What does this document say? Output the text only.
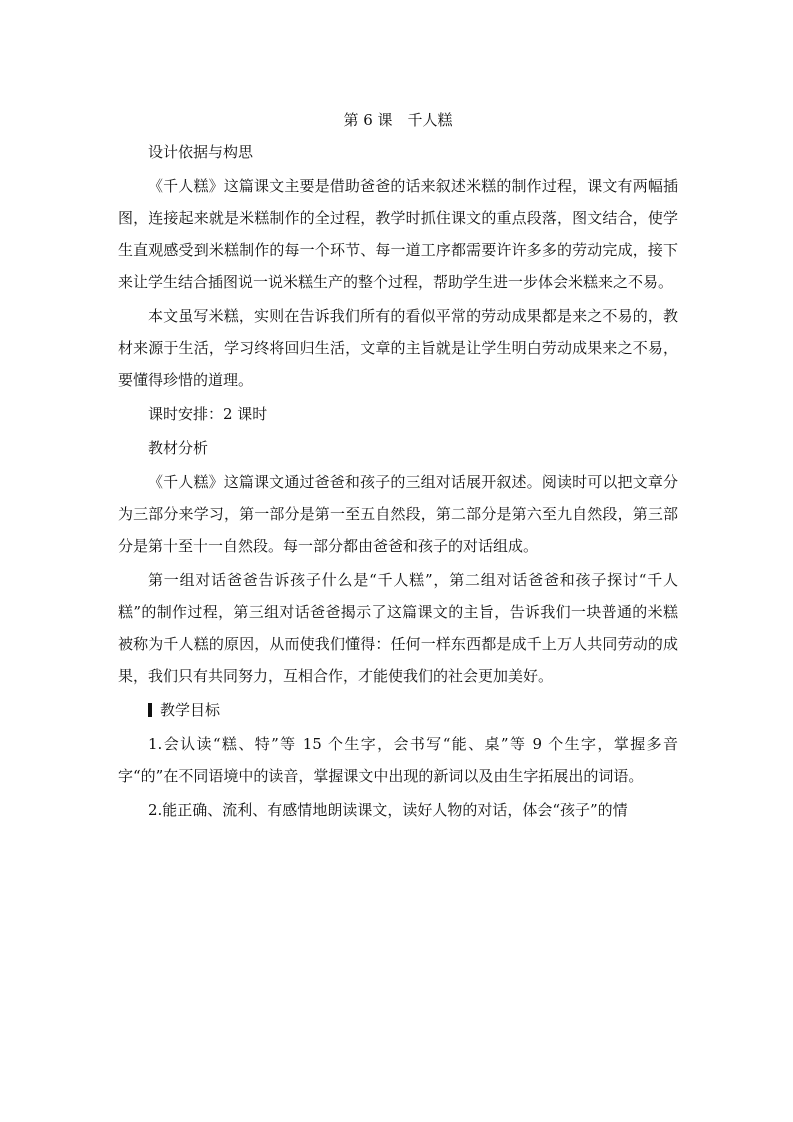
第 6 课　千人糕

设计依据与构思

《千人糕》这篇课文主要是借助爸爸的话来叙述米糕的制作过程，课文有两幅插图，连接起来就是米糕制作的全过程，教学时抓住课文的重点段落，图文结合，使学生直观感受到米糕制作的每一个环节、每一道工序都需要许许多多的劳动完成，接下来让学生结合插图说一说米糕生产的整个过程，帮助学生进一步体会米糕来之不易。

本文虽写米糕，实则在告诉我们所有的看似平常的劳动成果都是来之不易的，教材来源于生活，学习终将回归生活，文章的主旨就是让学生明白劳动成果来之不易，要懂得珍惜的道理。

课时安排：2 课时

教材分析

《千人糕》这篇课文通过爸爸和孩子的三组对话展开叙述。阅读时可以把文章分为三部分来学习，第一部分是第一至五自然段，第二部分是第六至九自然段，第三部分是第十至十一自然段。每一部分都由爸爸和孩子的对话组成。

第一组对话爸爸告诉孩子什么是“千人糕”，第二组对话爸爸和孩子探讨“千人糕”的制作过程，第三组对话爸爸揭示了这篇课文的主旨，告诉我们一块普通的米糕被称为千人糕的原因，从而使我们懂得：任何一样东西都是成千上万人共同劳动的成果，我们只有共同努力，互相合作，才能使我们的社会更加美好。

教学目标

1.会认读“糕、特”等 15 个生字，会书写“能、桌”等 9 个生字，掌握多音字“的”在不同语境中的读音，掌握课文中出现的新词以及由生字拓展出的词语。

2.能正确、流利、有感情地朗读课文，读好人物的对话，体会“孩子”的情
